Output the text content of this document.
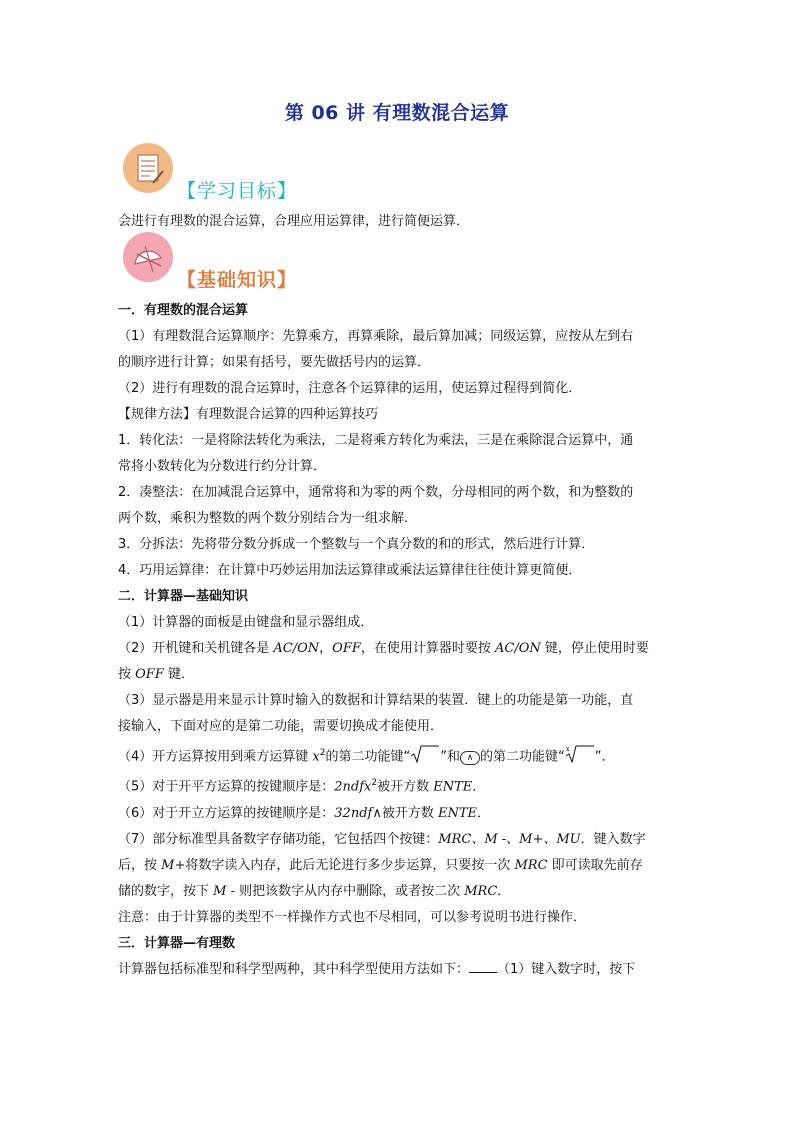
第 06 讲 有理数混合运算
【学习目标】

会进行有理数的混合运算，合理应用运算律，进行简便运算．

【基础知识】

一．有理数的混合运算

（1）有理数混合运算顺序：先算乘方，再算乘除，最后算加减；同级运算，应按从左到右

的顺序进行计算；如果有括号，要先做括号内的运算．

（2）进行有理数的混合运算时，注意各个运算律的运用，使运算过程得到简化．

【规律方法】有理数混合运算的四种运算技巧

1．转化法：一是将除法转化为乘法，二是将乘方转化为乘法，三是在乘除混合运算中，通

常将小数转化为分数进行约分计算．

2．凑整法：在加减混合运算中，通常将和为零的两个数，分母相同的两个数，和为整数的

两个数，乘积为整数的两个数分别结合为一组求解．

3．分拆法：先将带分数分拆成一个整数与一个真分数的和的形式，然后进行计算．

4．巧用运算律：在计算中巧妙运用加法运算律或乘法运算律往往使计算更简便．

二．计算器—基础知识

（1）计算器的面板是由键盘和显示器组成．

（2）开机键和关机键各是 AC/ON，OFF，在使用计算器时要按 AC/ON 键，停止使用时要

按 OFF 键．

（3）显示器是用来显示计算时输入的数据和计算结果的装置．键上的功能是第一功能，直

接输入，下面对应的是第二功能，需要切换成才能使用．

（4）开方运算按用到乘方运算键 $x^2$的第二功能键“ ”和 ∧ 的第二功能键“ x ”．

（5）对于开平方运算的按键顺序是：2ndfx$^2$被开方数 ENTE．

（6）对于开立方运算的按键顺序是：32ndf∧被开方数 ENTE．

（7）部分标准型具备数字存储功能，它包括四个按键：MRC、M -、M+、MU．键入数字

后，按 M+将数字读入内存，此后无论进行多少步运算，只要按一次 MRC 即可读取先前存

储的数字，按下 M - 则把该数字从内存中删除，或者按二次 MRC．

注意：由于计算器的类型不一样操作方式也不尽相同，可以参考说明书进行操作．

三．计算器—有理数

计算器包括标准型和科学型两种，其中科学型使用方法如下： （1）键入数字时，按下
